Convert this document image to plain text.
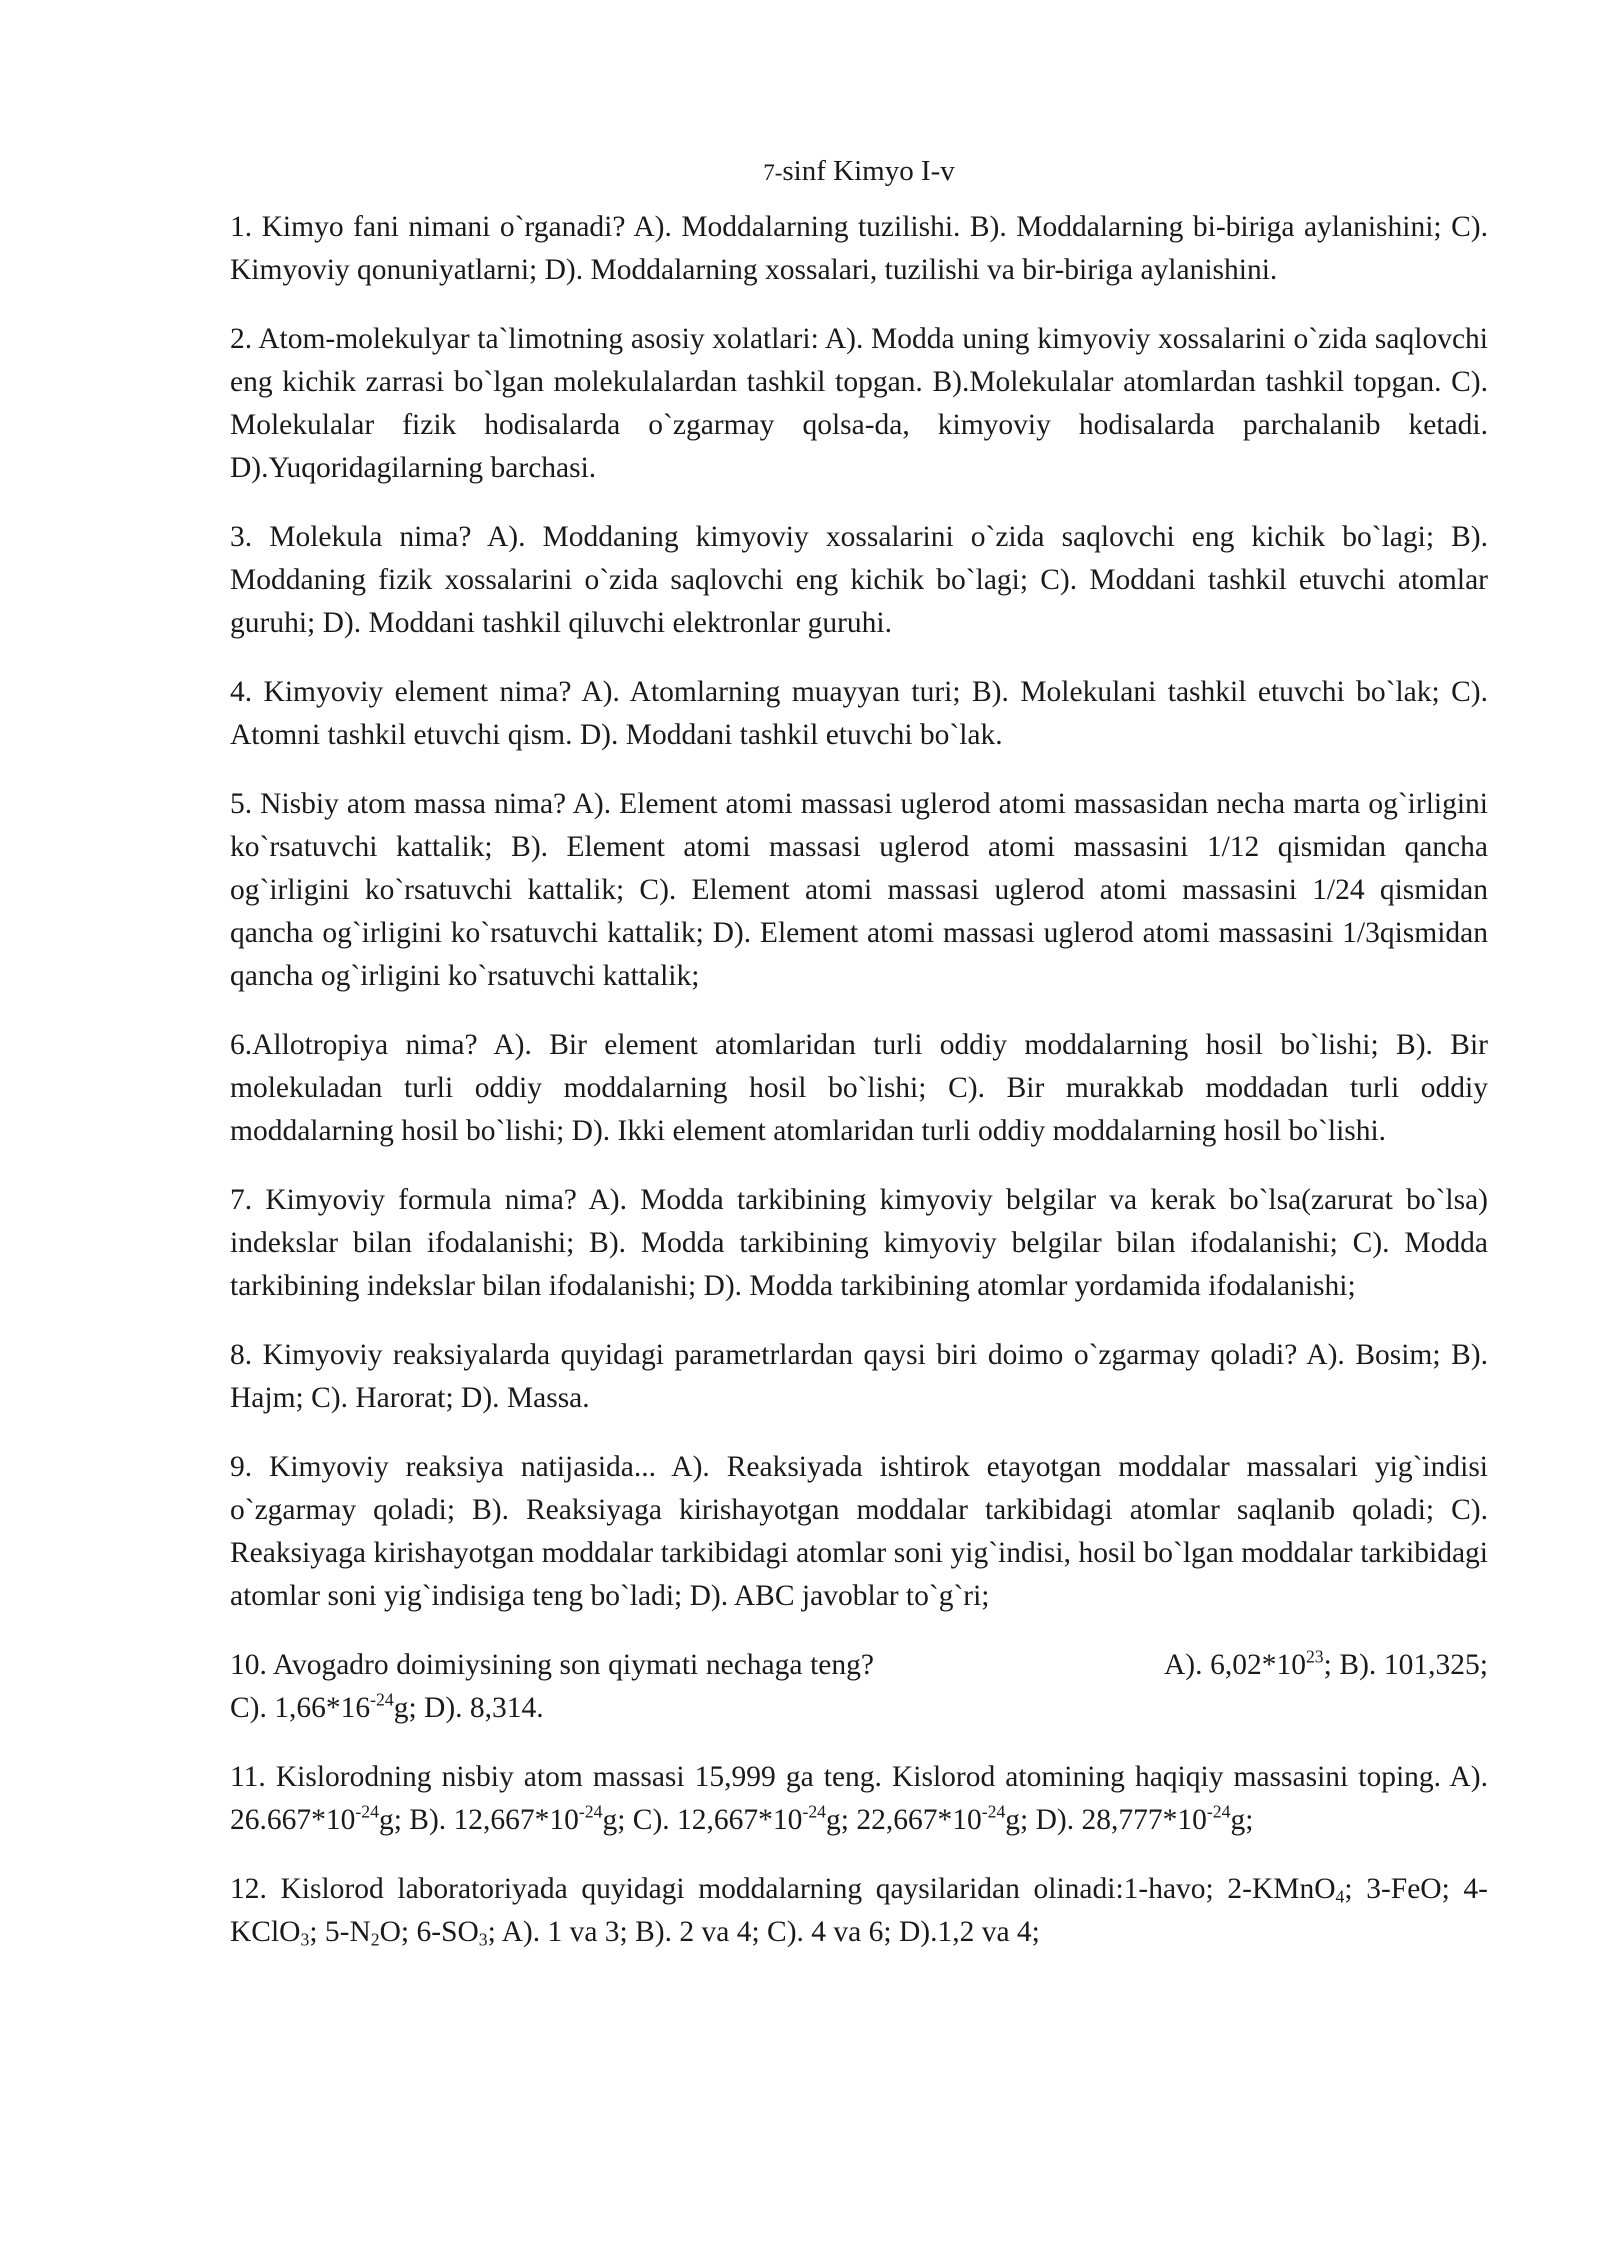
7-sinf Kimyo I-v

1. Kimyo fani nimani o`rganadi? A). Moddalarning tuzilishi. B). Moddalarning bi-biriga aylanishini; C). Kimyoviy qonuniyatlarni; D). Moddalarning xossalari, tuzilishi va bir-biriga aylanishini.

2. Atom-molekulyar ta`limotning asosiy xolatlari: A). Modda uning kimyoviy xossalarini o`zida saqlovchi eng kichik zarrasi bo`lgan molekulalardan tashkil topgan. B).Molekulalar atomlardan tashkil topgan. C). Molekulalar fizik hodisalarda o`zgarmay qolsa-da, kimyoviy hodisalarda parchalanib ketadi. D).Yuqoridagilarning barchasi.

3. Molekula nima? A). Moddaning kimyoviy xossalarini o`zida saqlovchi eng kichik bo`lagi; B). Moddaning fizik xossalarini o`zida saqlovchi eng kichik bo`lagi; C). Moddani tashkil etuvchi atomlar guruhi; D). Moddani tashkil qiluvchi elektronlar guruhi.

4. Kimyoviy element nima? A). Atomlarning muayyan turi; B). Molekulani tashkil etuvchi bo`lak; C). Atomni tashkil etuvchi qism. D). Moddani tashkil etuvchi bo`lak.

5. Nisbiy atom massa nima? A). Element atomi massasi uglerod atomi massasidan necha marta og`irligini ko`rsatuvchi kattalik; B). Element atomi massasi uglerod atomi massasini 1/12 qismidan qancha og`irligini ko`rsatuvchi kattalik; C). Element atomi massasi uglerod atomi massasini 1/24 qismidan qancha og`irligini ko`rsatuvchi kattalik; D). Element atomi massasi uglerod atomi massasini 1/3qismidan qancha og`irligini ko`rsatuvchi kattalik;

6.Allotropiya nima? A). Bir element atomlaridan turli oddiy moddalarning hosil bo`lishi; B). Bir molekuladan turli oddiy moddalarning hosil bo`lishi; C). Bir murakkab moddadan turli oddiy moddalarning hosil bo`lishi; D). Ikki element atomlaridan turli oddiy moddalarning hosil bo`lishi.

7. Kimyoviy formula nima? A). Modda tarkibining kimyoviy belgilar va kerak bo`lsa(zarurat bo`lsa) indekslar bilan ifodalanishi; B). Modda tarkibining kimyoviy belgilar bilan ifodalanishi; C). Modda tarkibining indekslar bilan ifodalanishi; D). Modda tarkibining atomlar yordamida ifodalanishi;

8. Kimyoviy reaksiyalarda quyidagi parametrlardan qaysi biri doimo o`zgarmay qoladi? A). Bosim; B). Hajm; C). Harorat; D). Massa.

9. Kimyoviy reaksiya natijasida... A). Reaksiyada ishtirok etayotgan moddalar massalari yig`indisi o`zgarmay qoladi; B). Reaksiyaga kirishayotgan moddalar tarkibidagi atomlar saqlanib qoladi; C). Reaksiyaga kirishayotgan moddalar tarkibidagi atomlar soni yig`indisi, hosil bo`lgan moddalar tarkibidagi atomlar soni yig`indisiga teng bo`ladi; D). ABC javoblar to`g`ri;

10. Avogadro doimiysining son qiymati nechaga teng?	A). $6,02*10^{23}$; B). 101,325; C). $1,66*16^{-24}g$; D). 8,314.

11. Kislorodning nisbiy atom massasi 15,999 ga teng. Kislorod atomining haqiqiy massasini toping. A). $26.667*10^{-24}g$; B). $12,667*10^{-24}g$; C). $12,667*10^{-24}g$; $22,667*10^{-24}g$; D). $28,777*10^{-24}g$;

12. Kislorod laboratoriyada quyidagi moddalarning qaysilaridan olinadi:1-havo; 2-KMnO$_4$; 3-FeO; 4-KClO$_3$; $5-N_2O$; $6-SO_3$; A). 1 va 3; B). 2 va 4; C). 4 va 6; D).1,2 va 4;
